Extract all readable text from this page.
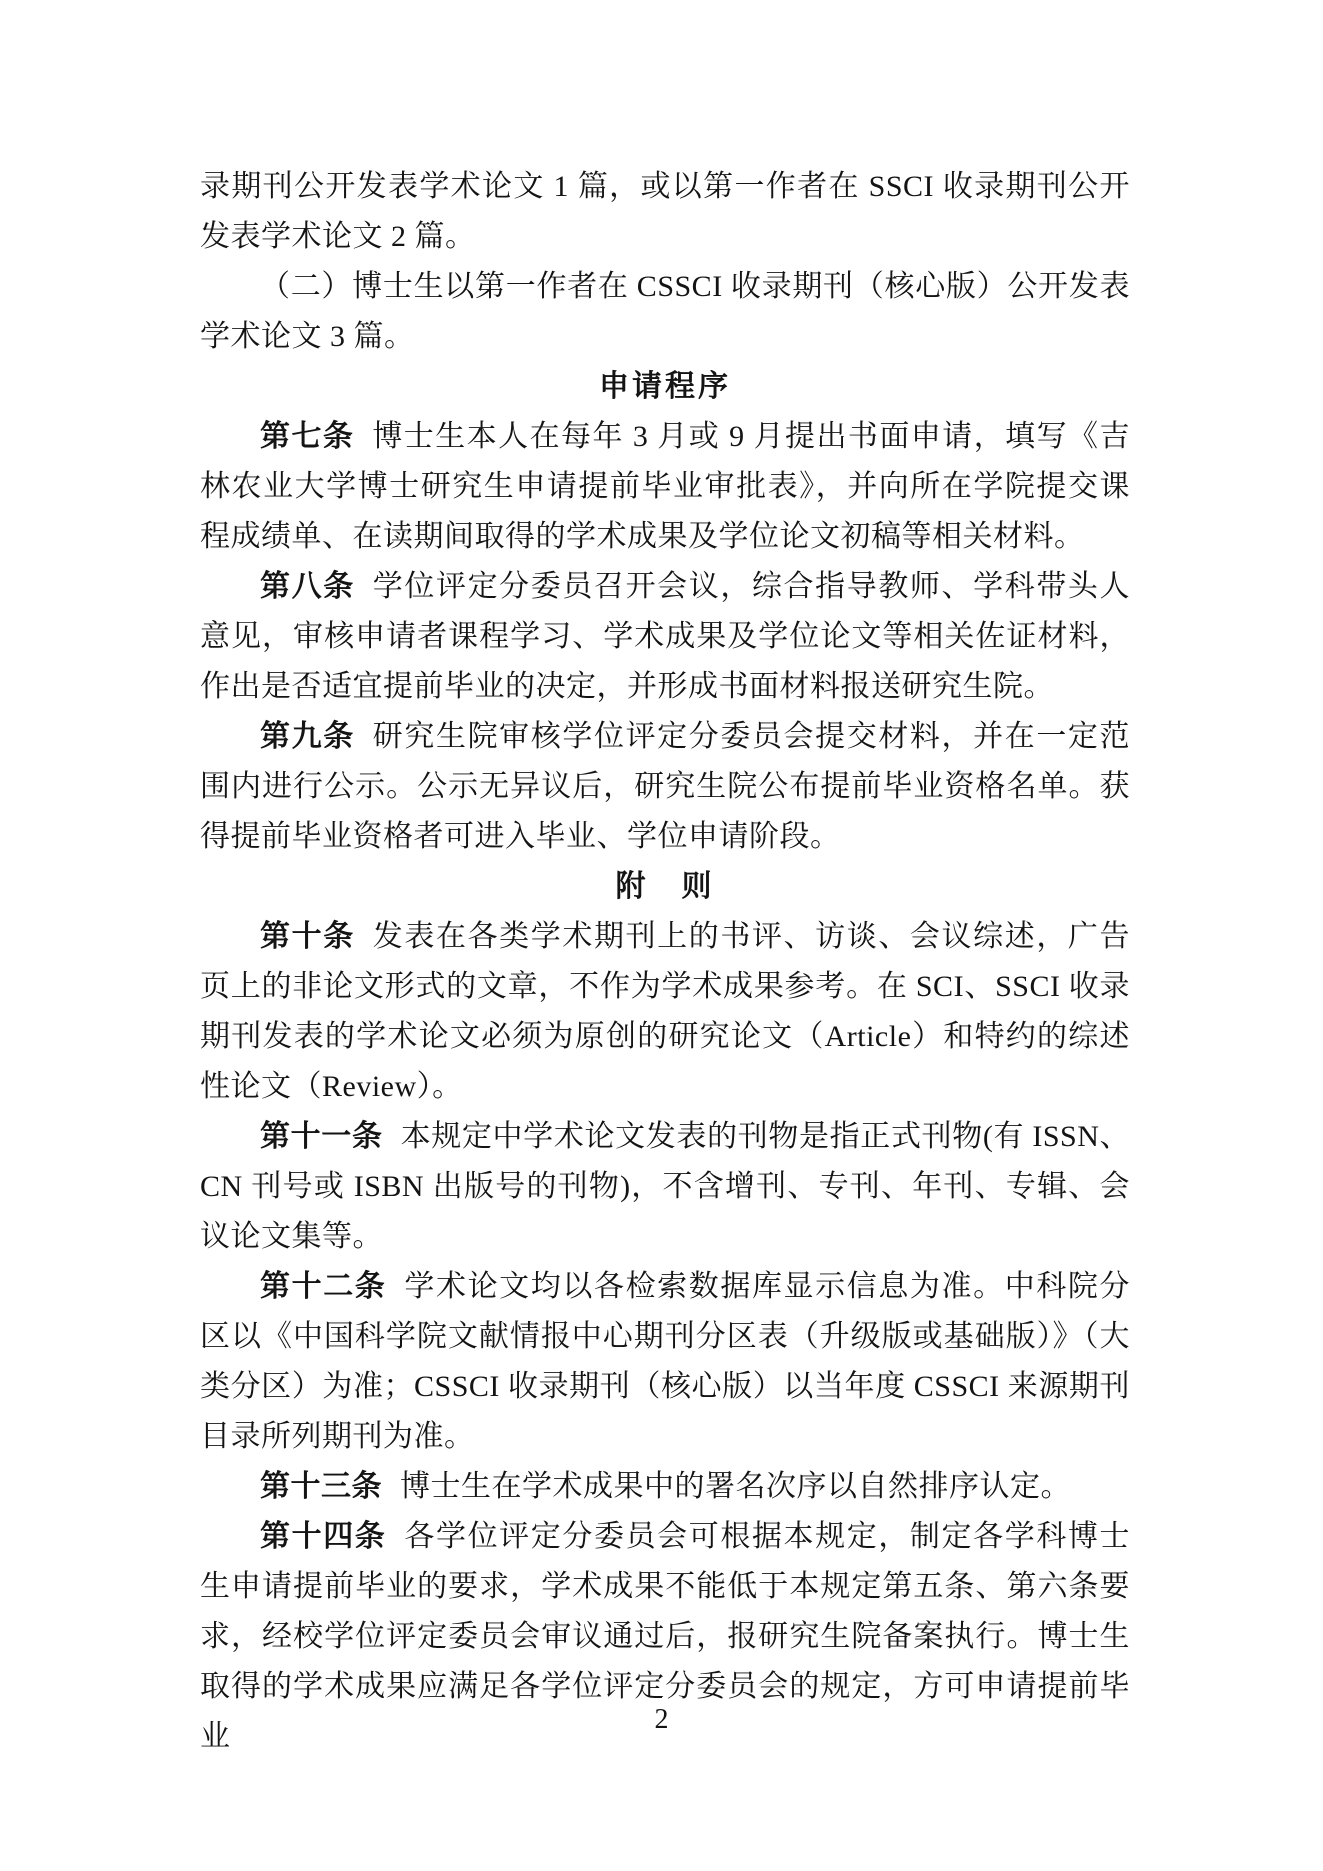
录期刊公开发表学术论文 1 篇，或以第一作者在 SSCI 收录期刊公开发表学术论文 2 篇。

（二）博士生以第一作者在 CSSCI 收录期刊（核心版）公开发表学术论文 3 篇。

申请程序

第七条 博士生本人在每年 3 月或 9 月提出书面申请，填写《吉林农业大学博士研究生申请提前毕业审批表》，并向所在学院提交课程成绩单、在读期间取得的学术成果及学位论文初稿等相关材料。

第八条 学位评定分委员召开会议，综合指导教师、学科带头人意见，审核申请者课程学习、学术成果及学位论文等相关佐证材料，作出是否适宜提前毕业的决定，并形成书面材料报送研究生院。

第九条 研究生院审核学位评定分委员会提交材料，并在一定范围内进行公示。公示无异议后，研究生院公布提前毕业资格名单。获得提前毕业资格者可进入毕业、学位申请阶段。

附　则

第十条 发表在各类学术期刊上的书评、访谈、会议综述，广告页上的非论文形式的文章，不作为学术成果参考。在 SCI、SSCI 收录期刊发表的学术论文必须为原创的研究论文（Article）和特约的综述性论文（Review）。

第十一条 本规定中学术论文发表的刊物是指正式刊物(有 ISSN、CN 刊号或 ISBN 出版号的刊物)，不含增刊、专刊、年刊、专辑、会议论文集等。

第十二条 学术论文均以各检索数据库显示信息为准。中科院分区以《中国科学院文献情报中心期刊分区表（升级版或基础版）》（大类分区）为准；CSSCI 收录期刊（核心版）以当年度 CSSCI 来源期刊目录所列期刊为准。

第十三条 博士生在学术成果中的署名次序以自然排序认定。

第十四条 各学位评定分委员会可根据本规定，制定各学科博士生申请提前毕业的要求，学术成果不能低于本规定第五条、第六条要求，经校学位评定委员会审议通过后，报研究生院备案执行。博士生取得的学术成果应满足各学位评定分委员会的规定，方可申请提前毕业

2
